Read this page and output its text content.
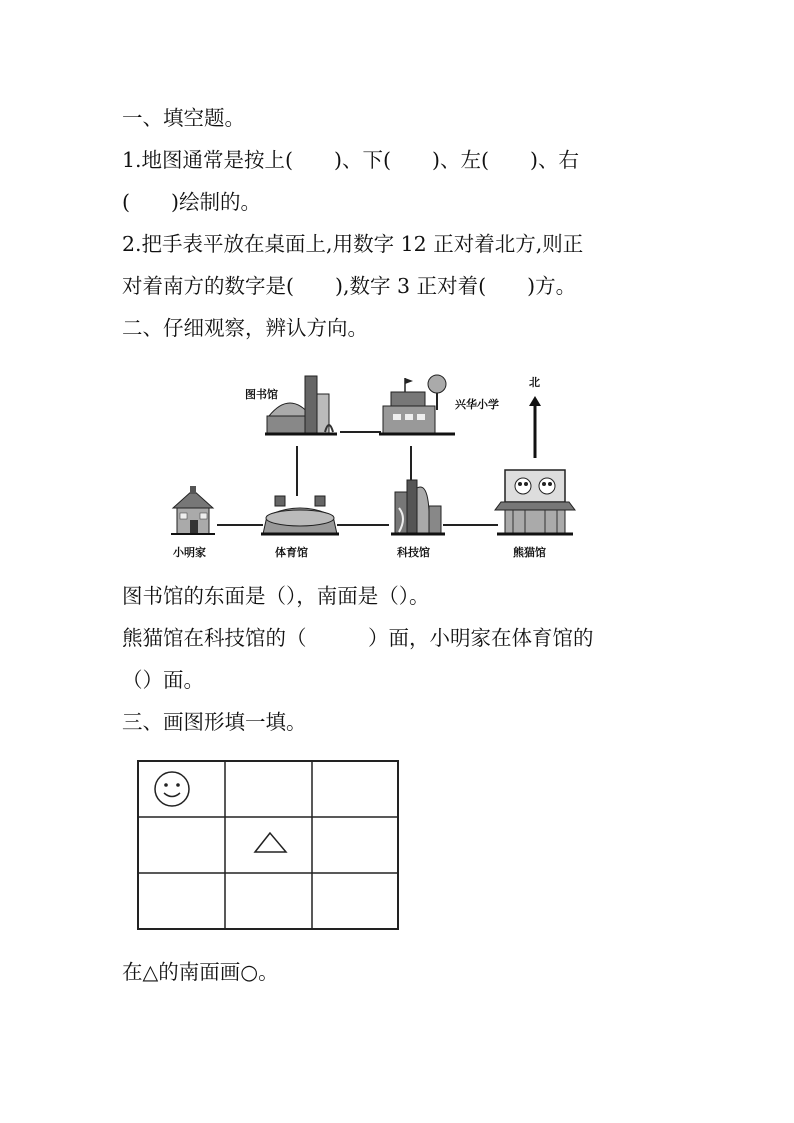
一、填空题。
1.地图通常是按上(　　)、下(　　)、左(　　)、右
(　　)绘制的。
2.把手表平放在桌面上,用数字 12 正对着北方,则正
对着南方的数字是(　　),数字 3 正对着(　　)方。
二、仔细观察，辨认方向。
图书馆
兴华小学
北
小明家	体育馆	科技馆	熊猫馆
图书馆的东面是（），南面是（）。
熊猫馆在科技馆的（　　　）面，小明家在体育馆的
（）面。
三、画图形填一填。
在△的南面画○。
